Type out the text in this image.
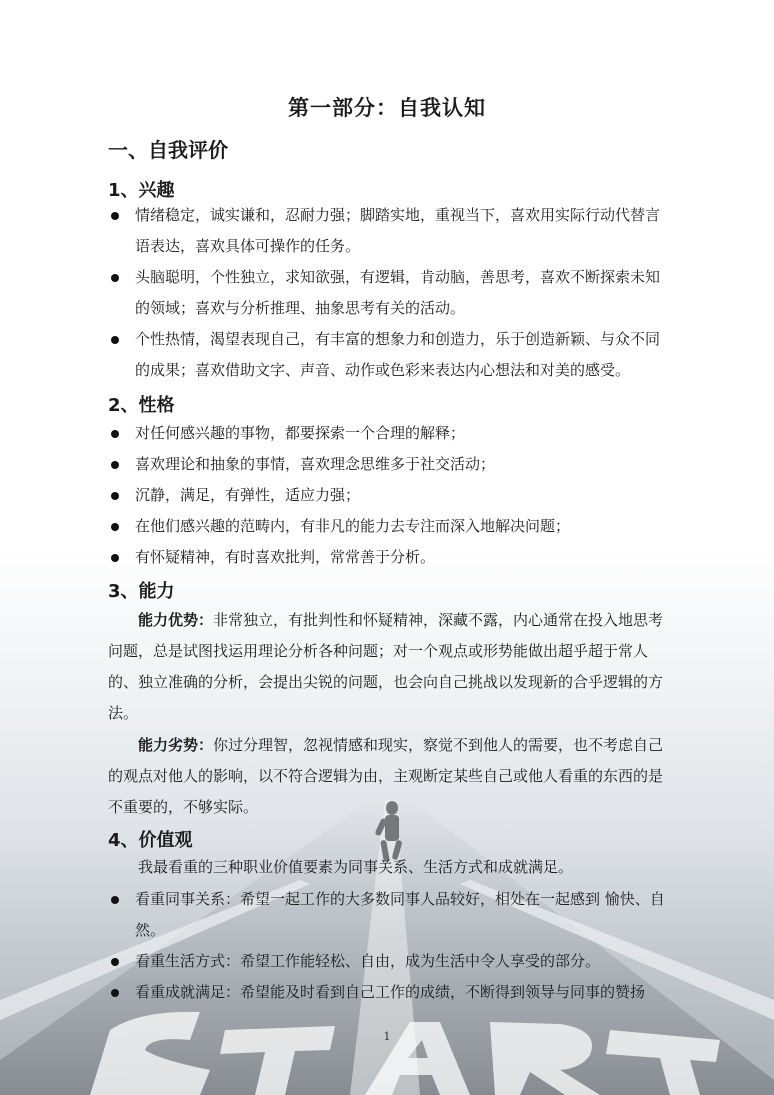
第一部分：自我认知
一、自我评价
1、兴趣
情绪稳定，诚实谦和，忍耐力强；脚踏实地，重视当下，喜欢用实际行动代替言语表达，喜欢具体可操作的任务。
头脑聪明，个性独立，求知欲强，有逻辑，肯动脑，善思考，喜欢不断探索未知的领域；喜欢与分析推理、抽象思考有关的活动。
个性热情，渴望表现自己，有丰富的想象力和创造力，乐于创造新颖、与众不同的成果；喜欢借助文字、声音、动作或色彩来表达内心想法和对美的感受。
2、性格
对任何感兴趣的事物，都要探索一个合理的解释；
喜欢理论和抽象的事情，喜欢理念思维多于社交活动；
沉静，满足，有弹性，适应力强；
在他们感兴趣的范畴内，有非凡的能力去专注而深入地解决问题；
有怀疑精神，有时喜欢批判，常常善于分析。
3、能力
能力优势：非常独立，有批判性和怀疑精神，深藏不露，内心通常在投入地思考问题，总是试图找运用理论分析各种问题；对一个观点或形势能做出超乎超于常人的、独立准确的分析，会提出尖锐的问题，也会向自己挑战以发现新的合乎逻辑的方法。
能力劣势：你过分理智，忽视情感和现实，察觉不到他人的需要，也不考虑自己的观点对他人的影响，以不符合逻辑为由，主观断定某些自己或他人看重的东西的是不重要的，不够实际。
4、价值观
我最看重的三种职业价值要素为同事关系、生活方式和成就满足。
看重同事关系：希望一起工作的大多数同事人品较好，相处在一起感到 愉快、自然。
看重生活方式：希望工作能轻松、自由，成为生活中令人享受的部分。
看重成就满足：希望能及时看到自己工作的成绩，不断得到领导与同事的赞扬
1
